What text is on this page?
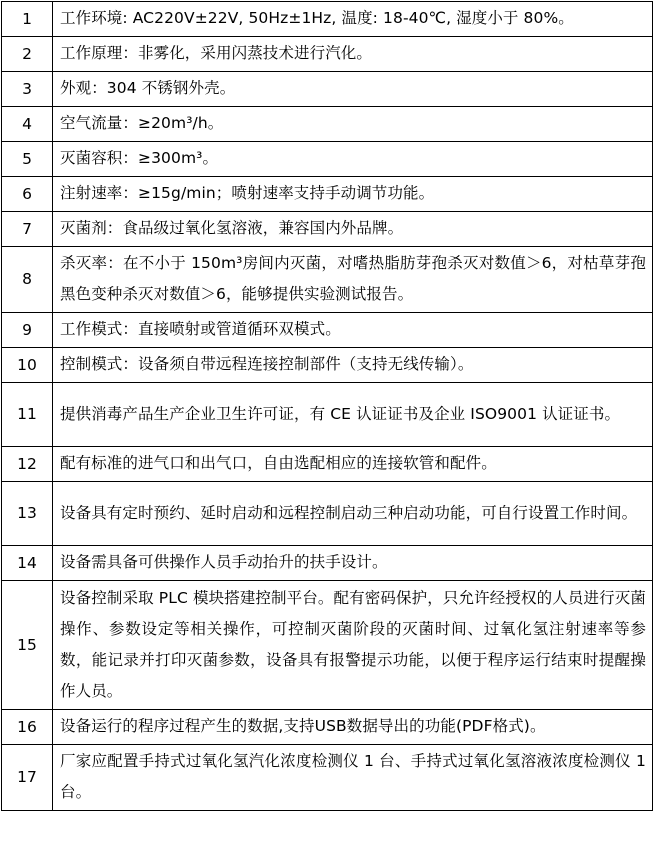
1	工作环境: AC220V±22V, 50Hz±1Hz, 温度: 18-40℃, 湿度小于 80%。
2	工作原理：非雾化，采用闪蒸技术进行汽化。
3	外观：304 不锈钢外壳。
4	空气流量：≥20m³/h。
5	灭菌容积：≥300m³。
6	注射速率：≥15g/min；喷射速率支持手动调节功能。
7	灭菌剂：食品级过氧化氢溶液，兼容国内外品牌。
8	杀灭率：在不小于 150m³房间内灭菌，对嗜热脂肪芽孢杀灭对数值＞6，对枯草芽孢黑色变种杀灭对数值＞6，能够提供实验测试报告。
9	工作模式：直接喷射或管道循环双模式。
10	控制模式：设备须自带远程连接控制部件（支持无线传输）。
11	提供消毒产品生产企业卫生许可证，有 CE 认证证书及企业 ISO9001 认证证书。
12	配有标准的进气口和出气口，自由选配相应的连接软管和配件。
13	设备具有定时预约、延时启动和远程控制启动三种启动功能，可自行设置工作时间。
14	设备需具备可供操作人员手动抬升的扶手设计。
15	设备控制采取 PLC 模块搭建控制平台。配有密码保护，只允许经授权的人员进行灭菌操作、参数设定等相关操作，可控制灭菌阶段的灭菌时间、过氧化氢注射速率等参数，能记录并打印灭菌参数，设备具有报警提示功能，以便于程序运行结束时提醒操作人员。
16	设备运行的程序过程产生的数据,支持USB数据导出的功能(PDF格式)。
17	厂家应配置手持式过氧化氢汽化浓度检测仪 1 台、手持式过氧化氢溶液浓度检测仪 1 台。
